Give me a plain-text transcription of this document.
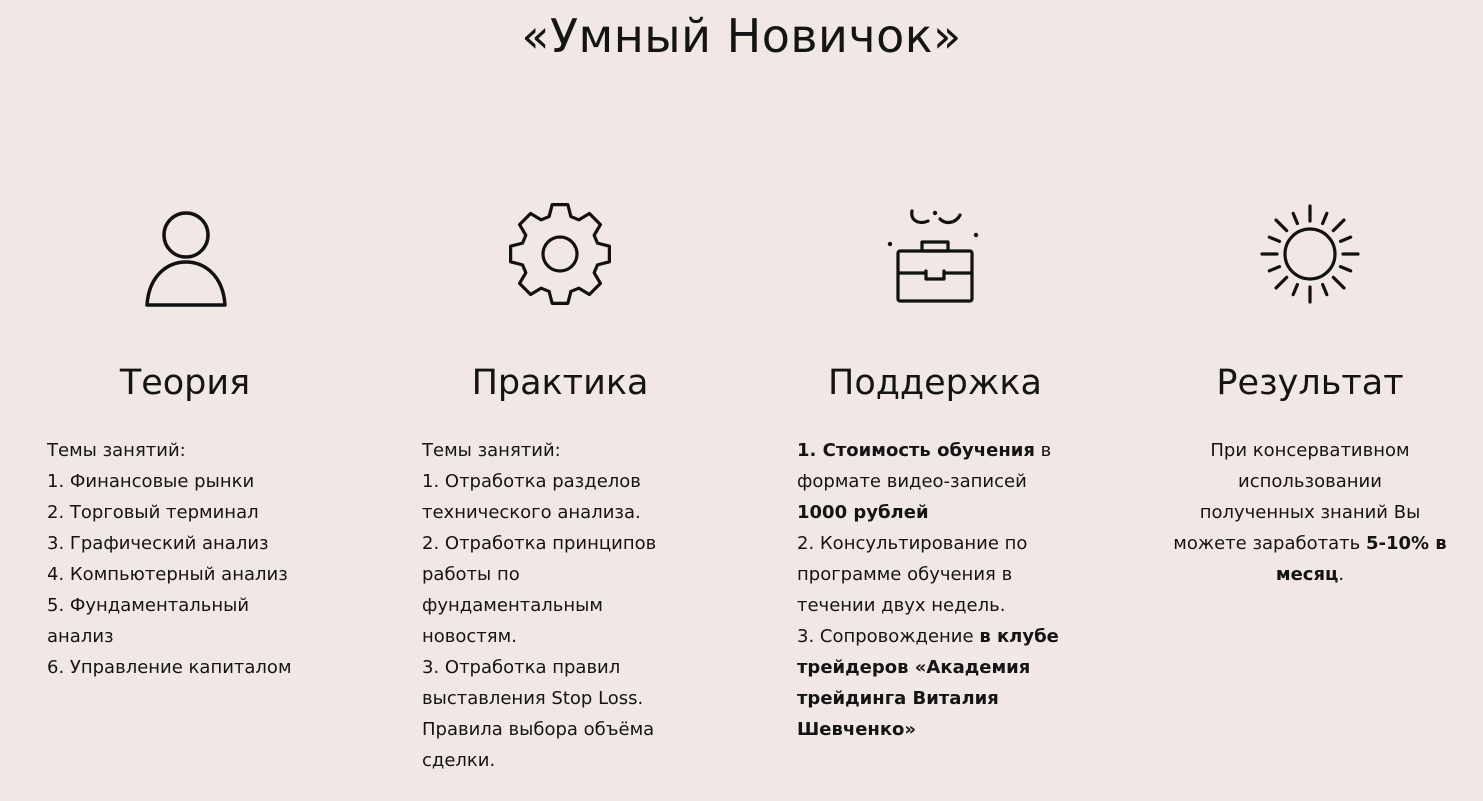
«Умный Новичок»
Теория
Темы занятий:
1. Финансовые рынки
2. Торговый терминал
3. Графический анализ
4. Компьютерный анализ
5. Фундаментальный
анализ
6. Управление капиталом
Практика
Темы занятий:
1. Отработка разделов
технического анализа.
2. Отработка принципов
работы по
фундаментальным
новостям.
3. Отработка правил
выставления Stop Loss.
Правила выбора объёма
сделки.
Поддержка
1. Стоимость обучения в
формате видео-записей
1000 рублей
2. Консультирование по
программе обучения в
течении двух недель.
3. Сопровождение в клубе
трейдеров «Академия
трейдинга Виталия
Шевченко»
Результат
При консервативном
использовании
полученных знаний Вы
можете заработать 5-10% в
месяц.
